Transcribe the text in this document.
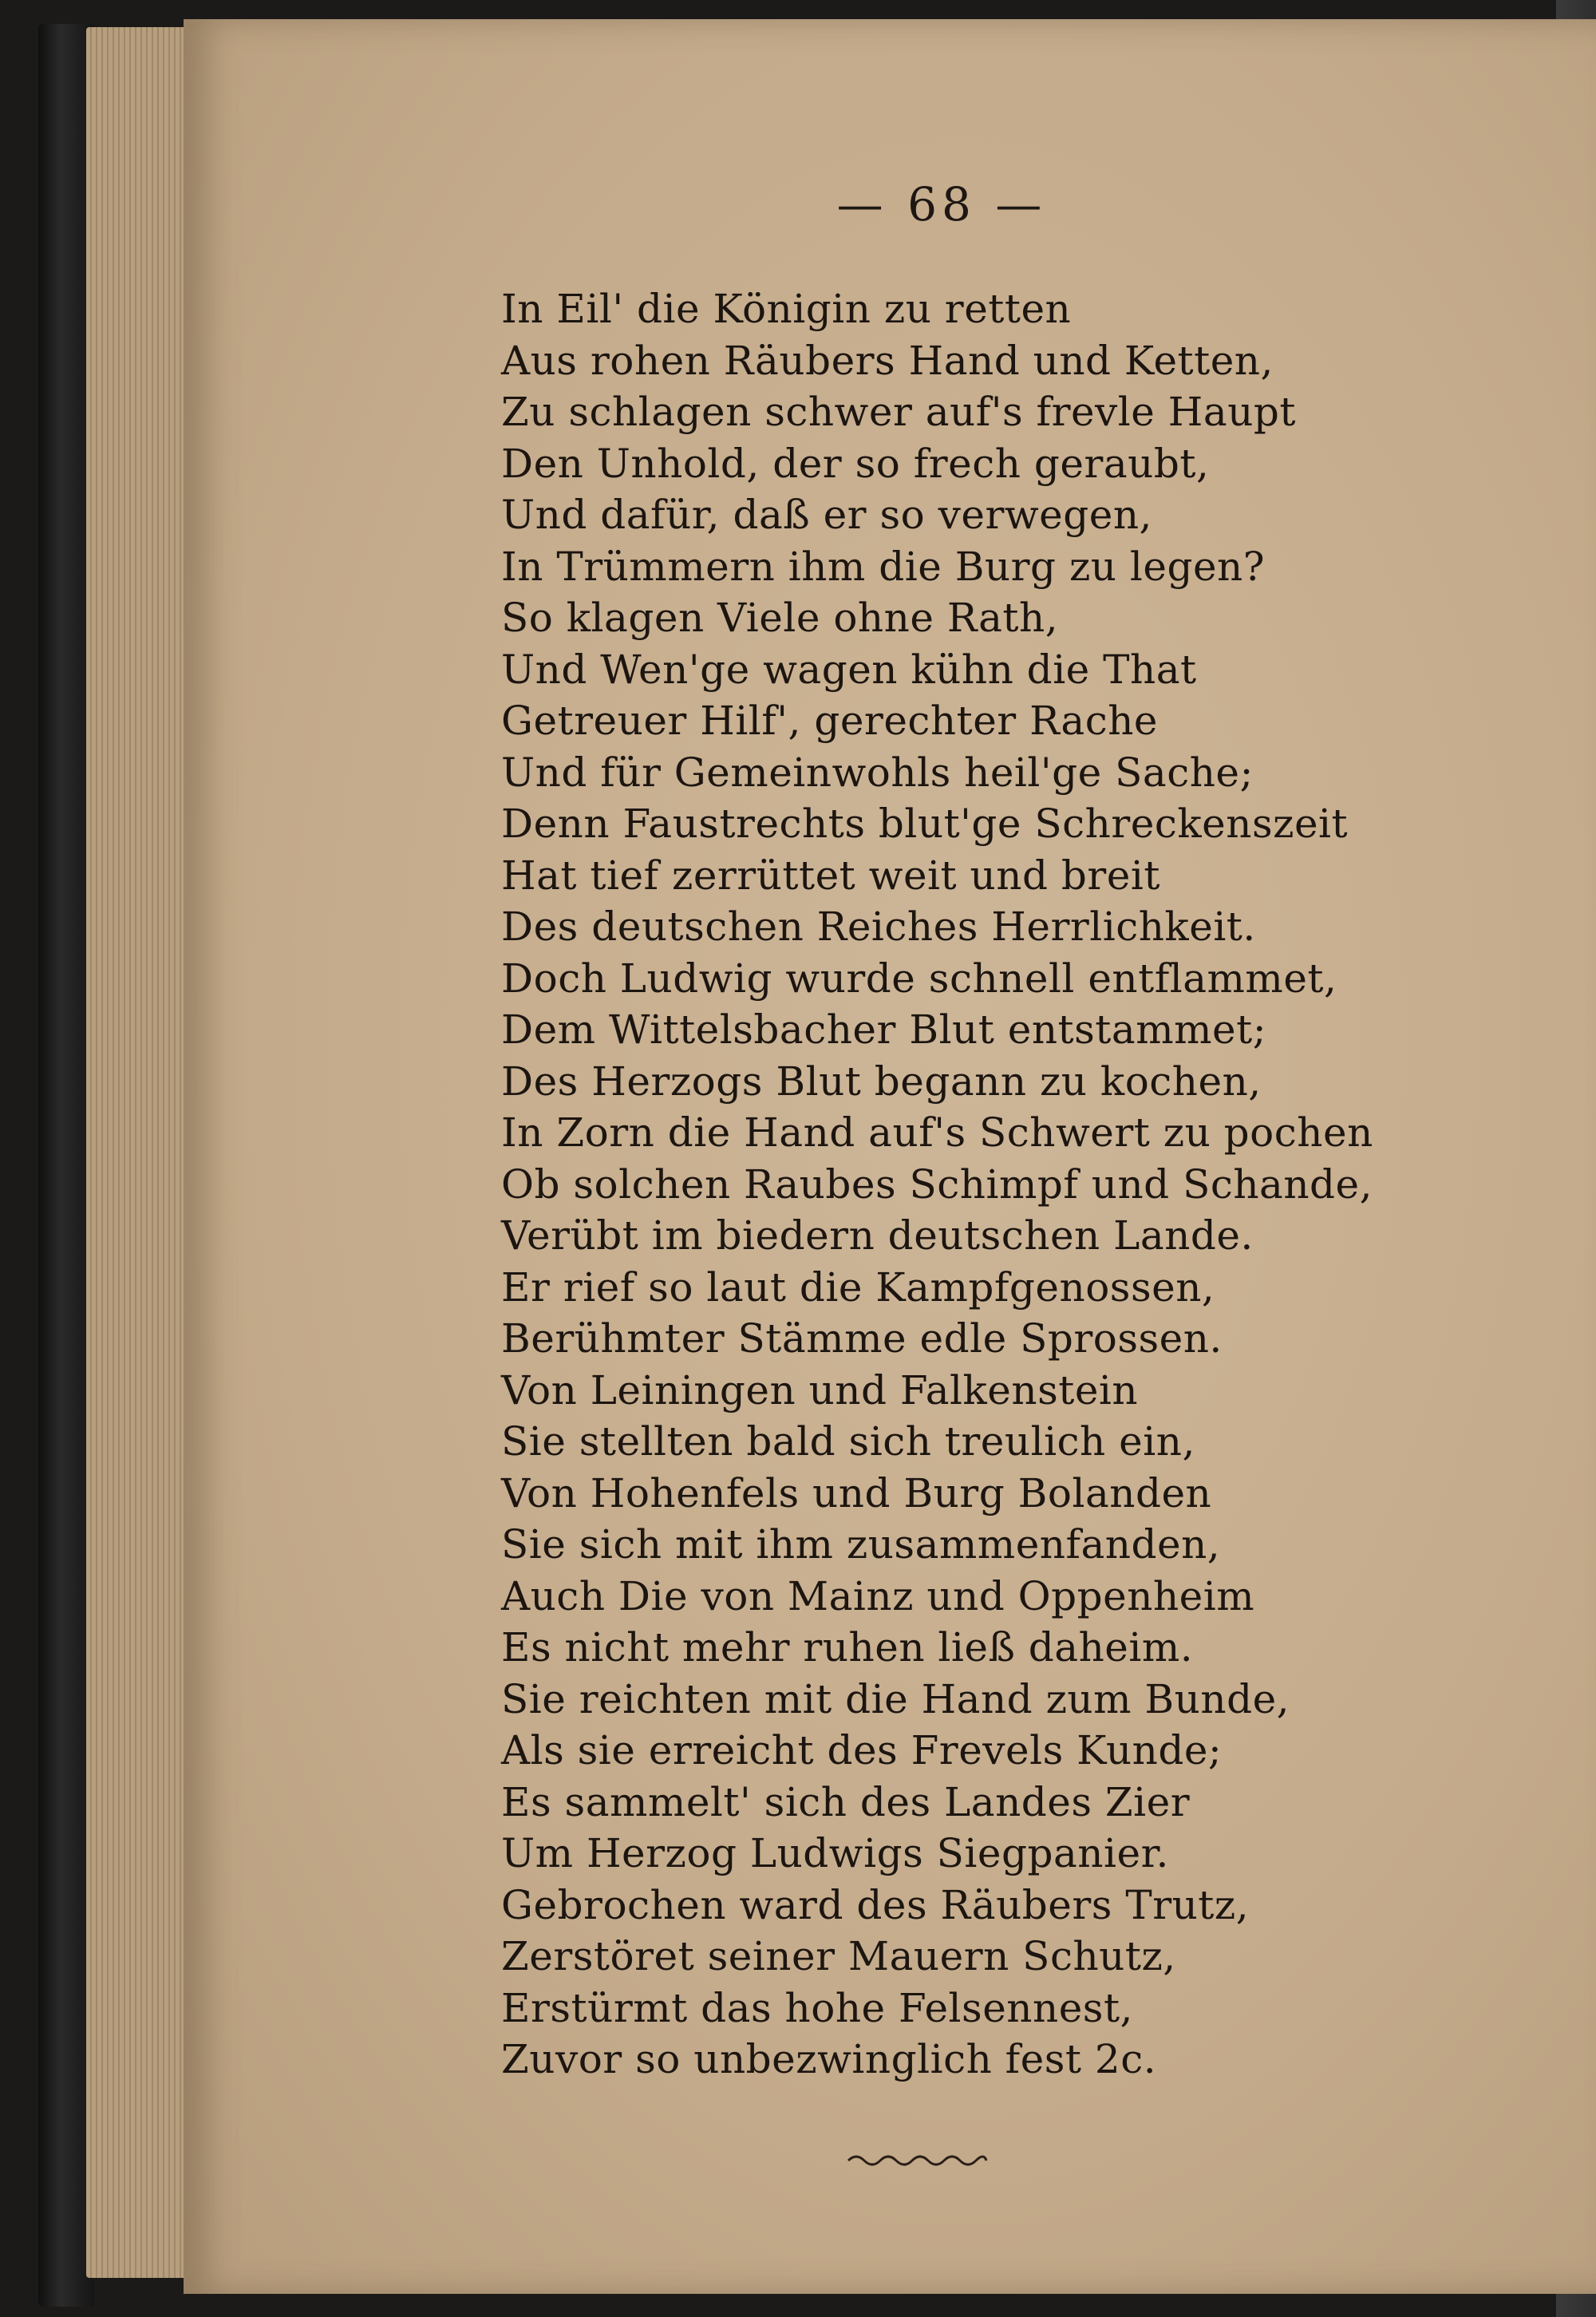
— 68 —
In Eil' die Königin zu retten
Aus rohen Räubers Hand und Ketten,
Zu schlagen schwer auf's frevle Haupt
Den Unhold, der so frech geraubt,
Und dafür, daß er so verwegen,
In Trümmern ihm die Burg zu legen?
So klagen Viele ohne Rath,
Und Wen'ge wagen kühn die That
Getreuer Hilf', gerechter Rache
Und für Gemeinwohls heil'ge Sache;
Denn Faustrechts blut'ge Schreckenszeit
Hat tief zerrüttet weit und breit
Des deutschen Reiches Herrlichkeit.
Doch Ludwig wurde schnell entflammet,
Dem Wittelsbacher Blut entstammet;
Des Herzogs Blut begann zu kochen,
In Zorn die Hand auf's Schwert zu pochen
Ob solchen Raubes Schimpf und Schande,
Verübt im biedern deutschen Lande.
Er rief so laut die Kampfgenossen,
Berühmter Stämme edle Sprossen.
Von Leiningen und Falkenstein
Sie stellten bald sich treulich ein,
Von Hohenfels und Burg Bolanden
Sie sich mit ihm zusammenfanden,
Auch Die von Mainz und Oppenheim
Es nicht mehr ruhen ließ daheim.
Sie reichten mit die Hand zum Bunde,
Als sie erreicht des Frevels Kunde;
Es sammelt' sich des Landes Zier
Um Herzog Ludwigs Siegpanier.
Gebrochen ward des Räubers Trutz,
Zerstöret seiner Mauern Schutz,
Erstürmt das hohe Felsennest,
Zuvor so unbezwinglich fest 2c.
